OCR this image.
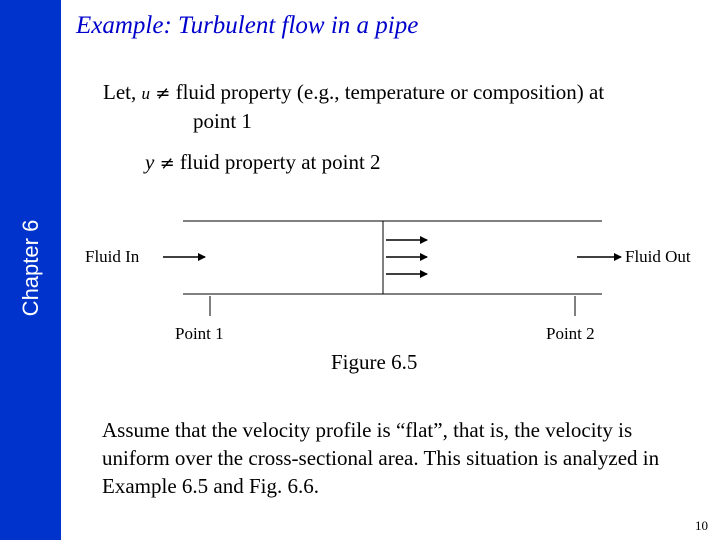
Chapter 6
Example: Turbulent flow in a pipe
Let, u ≠ fluid property (e.g., temperature or composition) at
point 1
y ≠ fluid property at point 2
Fluid In	Fluid Out
Point 1	Point 2
Figure 6.5
Assume that the velocity profile is “flat”, that is, the velocity is uniform over the cross-sectional area. This situation is analyzed in Example 6.5 and Fig. 6.6.
10
